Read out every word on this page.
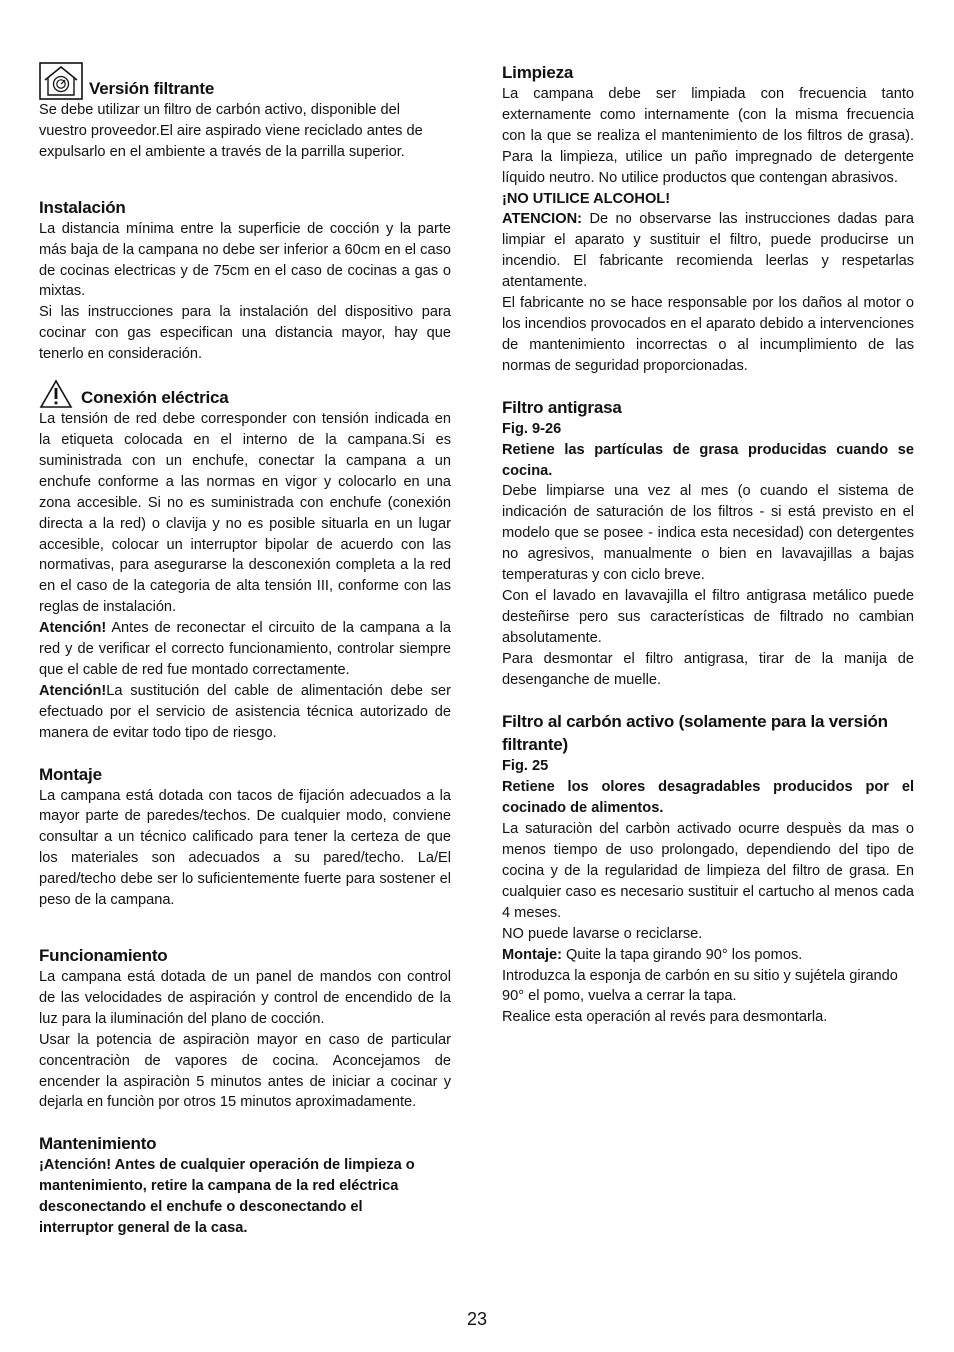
Versión filtrante

Se debe utilizar un filtro de carbón activo, disponible del vuestro proveedor.El aire aspirado viene reciclado antes de expulsarlo en el ambiente a través de la parrilla superior.

Instalación

La distancia mínima entre la superficie de cocción y la parte más baja de la campana no debe ser inferior a 60cm en el caso de cocinas electricas y de 75cm en el caso de cocinas a gas o mixtas.

Si las instrucciones para la instalación del dispositivo para cocinar con gas especifican una distancia mayor, hay que tenerlo en consideración.

Conexión eléctrica

La tensión de red debe corresponder con tensión indicada en la etiqueta colocada en el interno de la campana.Si es suministrada con un enchufe, conectar la campana a un enchufe conforme a las normas en vigor y colocarlo en una zona accesible. Si no es suministrada con enchufe (conexión directa a la red) o clavija y no es posible situarla en un lugar accesible, colocar un interruptor bipolar de acuerdo con las normativas, para asegurarse la desconexión completa a la red en el caso de la categoria de alta tensión III, conforme con las reglas de instalación.

Atención! Antes de reconectar el circuito de la campana a la red y de verificar el correcto funcionamiento, controlar siempre que el cable de red fue montado correctamente.

Atención!La sustitución del cable de alimentación debe ser efectuado por el servicio de asistencia técnica autorizado de manera de evitar todo tipo de riesgo.

Montaje

La campana está dotada con tacos de fijación adecuados a la mayor parte de paredes/techos. De cualquier modo, conviene consultar a un técnico calificado para tener la certeza de que los materiales son adecuados a su pared/techo. La/El pared/techo debe ser lo suficientemente fuerte para sostener el peso de la campana.

Funcionamiento

La campana está dotada de un panel de mandos con control de las velocidades de aspiración y control de encendido de la luz para la iluminación del plano de cocción.

Usar la potencia de aspiraciòn mayor en caso de particular concentraciòn de vapores de cocina. Aconcejamos de encender la aspiraciòn 5 minutos antes de iniciar a cocinar y dejarla en funciòn por otros 15 minutos aproximadamente.

Mantenimiento

¡Atención! Antes de cualquier operación de limpieza o mantenimiento, retire la campana de la red eléctrica desconectando el enchufe o desconectando el interruptor general de la casa.

Limpieza

La campana debe ser limpiada con frecuencia tanto externamente como internamente (con la misma frecuencia con la que se realiza el mantenimiento de los filtros de grasa). Para la limpieza, utilice un paño impregnado de detergente líquido neutro. No utilice productos que contengan abrasivos.

¡NO UTILICE ALCOHOL!

ATENCION: De no observarse las instrucciones dadas para limpiar el aparato y sustituir el filtro, puede producirse un incendio. El fabricante recomienda leerlas y respetarlas atentamente.

El fabricante no se hace responsable por los daños al motor o los incendios provocados en el aparato debido a intervenciones de mantenimiento incorrectas o al incumplimiento de las normas de seguridad proporcionadas.

Filtro antigrasa

Fig. 9-26

Retiene las partículas de grasa producidas cuando se cocina.

Debe limpiarse una vez al mes (o cuando el sistema de indicación de saturación de los filtros - si está previsto en el modelo que se posee - indica esta necesidad) con detergentes no agresivos, manualmente o bien en lavavajillas a bajas temperaturas y con ciclo breve.

Con el lavado en lavavajilla el filtro antigrasa metálico puede desteñirse pero sus características de filtrado no cambian absolutamente.

Para desmontar el filtro antigrasa, tirar de la manija de desenganche de muelle.

Filtro al carbón activo (solamente para la versión filtrante)

Fig. 25

Retiene los olores desagradables producidos por el cocinado de alimentos.

La saturaciòn del carbòn activado ocurre despuès da mas o menos tiempo de uso prolongado, dependiendo del tipo de cocina y de la regularidad de limpieza del filtro de grasa. En cualquier caso es necesario sustituir el cartucho al menos cada 4 meses.

NO puede lavarse o reciclarse.

Montaje: Quite la tapa girando 90° los pomos.

Introduzca la esponja de carbón en su sitio y sujétela girando 90° el pomo, vuelva a cerrar la tapa.

Realice esta operación al revés para desmontarla.

23
